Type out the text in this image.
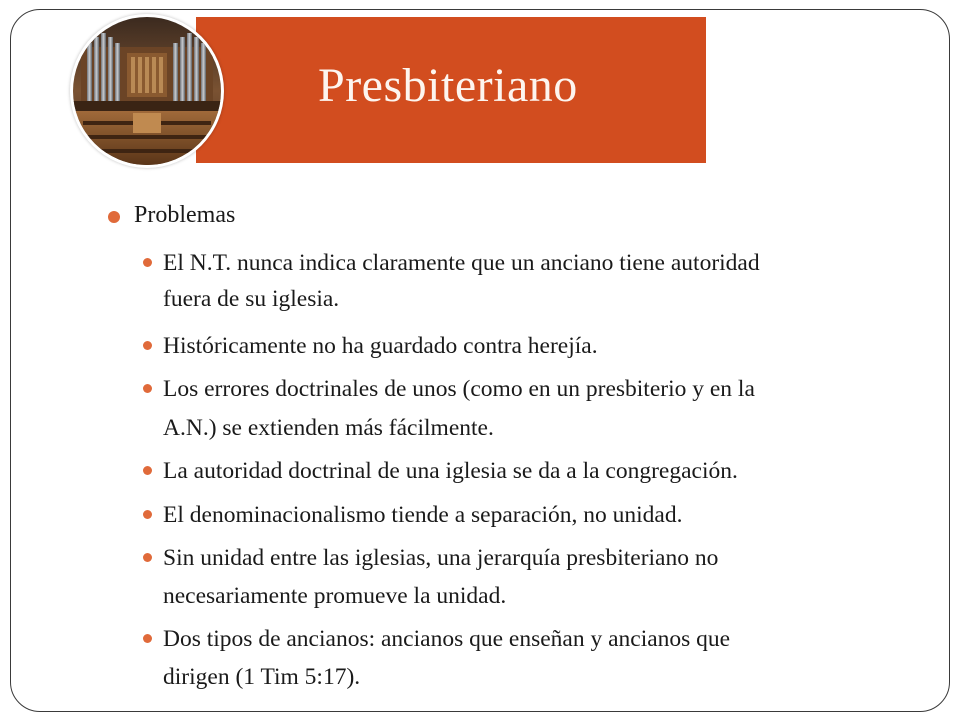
Presbiteriano
Problemas
El N.T. nunca indica claramente que un anciano tiene autoridad
fuera de su iglesia.
Históricamente no ha guardado contra herejía.
Los errores doctrinales de unos (como en un presbiterio y en la
A.N.) se extienden más fácilmente.
La autoridad doctrinal de una iglesia se da a la congregación.
El denominacionalismo tiende a separación, no unidad.
Sin unidad entre las iglesias, una jerarquía presbiteriano no
necesariamente promueve la unidad.
Dos tipos de ancianos: ancianos que enseñan y ancianos que
dirigen (1 Tim 5:17).
